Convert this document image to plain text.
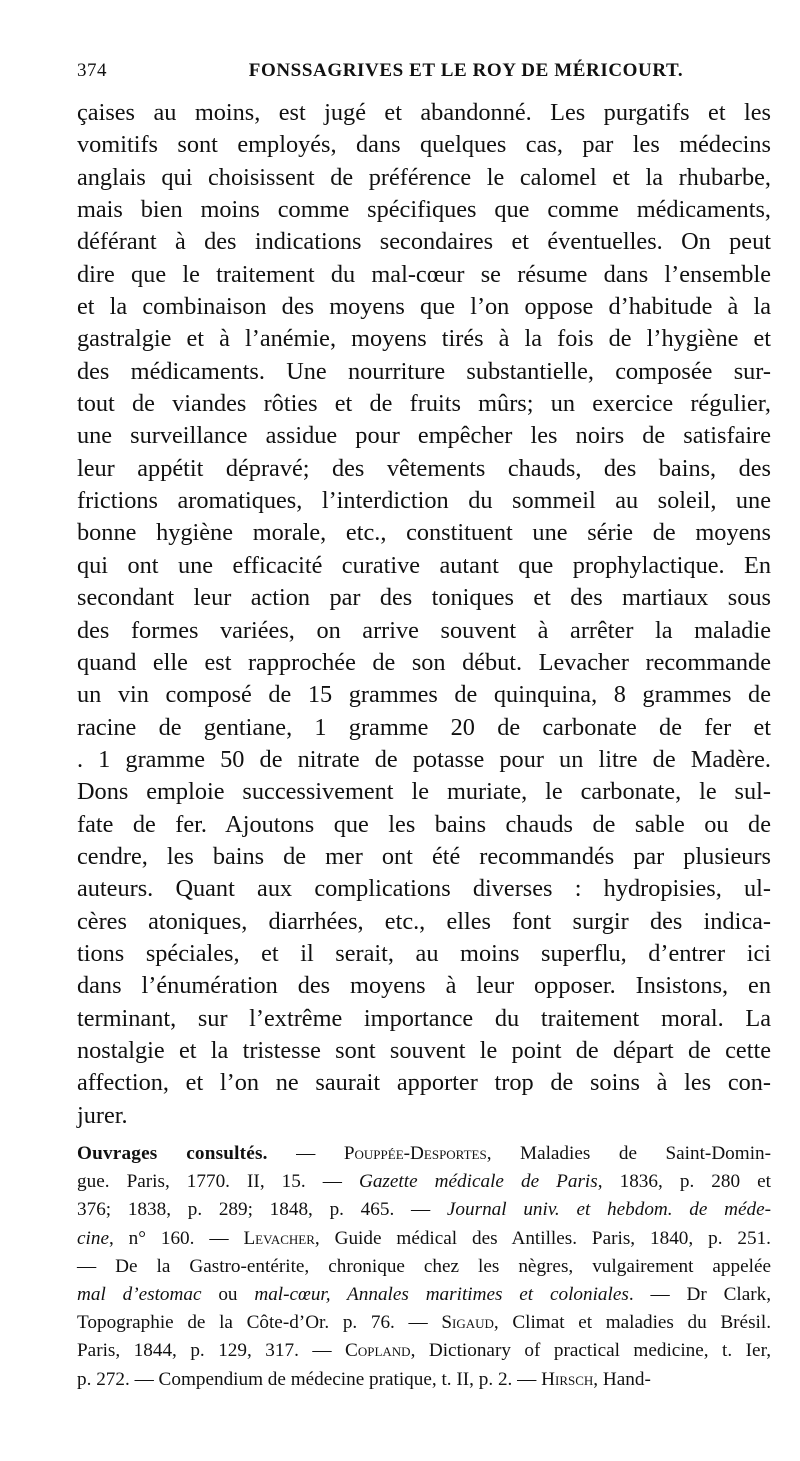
374	FONSSAGRIVES ET LE ROY DE MÉRICOURT.
çaises au moins, est jugé et abandonné. Les purgatifs et les
vomitifs sont employés, dans quelques cas, par les médecins
anglais qui choisissent de préférence le calomel et la rhubarbe,
mais bien moins comme spécifiques que comme médicaments,
déférant à des indications secondaires et éventuelles. On peut
dire que le traitement du mal-cœur se résume dans l’ensemble
et la combinaison des moyens que l’on oppose d’habitude à la
gastralgie et à l’anémie, moyens tirés à la fois de l’hygiène et
des médicaments. Une nourriture substantielle, composée sur-
tout de viandes rôties et de fruits mûrs; un exercice régulier,
une surveillance assidue pour empêcher les noirs de satisfaire
leur appétit dépravé; des vêtements chauds, des bains, des
frictions aromatiques, l’interdiction du sommeil au soleil, une
bonne hygiène morale, etc., constituent une série de moyens
qui ont une efficacité curative autant que prophylactique. En
secondant leur action par des toniques et des martiaux sous
des formes variées, on arrive souvent à arrêter la maladie
quand elle est rapprochée de son début. Levacher recommande
un vin composé de 15 grammes de quinquina, 8 grammes de
racine de gentiane, 1 gramme 20 de carbonate de fer et
. 1 gramme 50 de nitrate de potasse pour un litre de Madère.
Dons emploie successivement le muriate, le carbonate, le sul-
fate de fer. Ajoutons que les bains chauds de sable ou de
cendre, les bains de mer ont été recommandés par plusieurs
auteurs. Quant aux complications diverses : hydropisies, ul-
cères atoniques, diarrhées, etc., elles font surgir des indica-
tions spéciales, et il serait, au moins superflu, d’entrer ici
dans l’énumération des moyens à leur opposer. Insistons, en
terminant, sur l’extrême importance du traitement moral. La
nostalgie et la tristesse sont souvent le point de départ de cette
affection, et l’on ne saurait apporter trop de soins à les con-
jurer.
Ouvrages consultés. — Pouppée-Desportes, Maladies de Saint-Domin-
gue. Paris, 1770. II, 15. — Gazette médicale de Paris, 1836, p. 280 et
376; 1838, p. 289; 1848, p. 465. — Journal univ. et hebdom. de méde-
cine, n° 160. — Levacher, Guide médical des Antilles. Paris, 1840, p. 251.
— De la Gastro-entérite, chronique chez les nègres, vulgairement appelée
mal d’estomac ou mal-cœur, Annales maritimes et coloniales. — Dr Clark,
Topographie de la Côte-d’Or. p. 76. — Sigaud, Climat et maladies du Brésil.
Paris, 1844, p. 129, 317. — Copland, Dictionary of practical medicine, t. Ier,
p. 272. — Compendium de médecine pratique, t. II, p. 2. — Hirsch, Hand-
